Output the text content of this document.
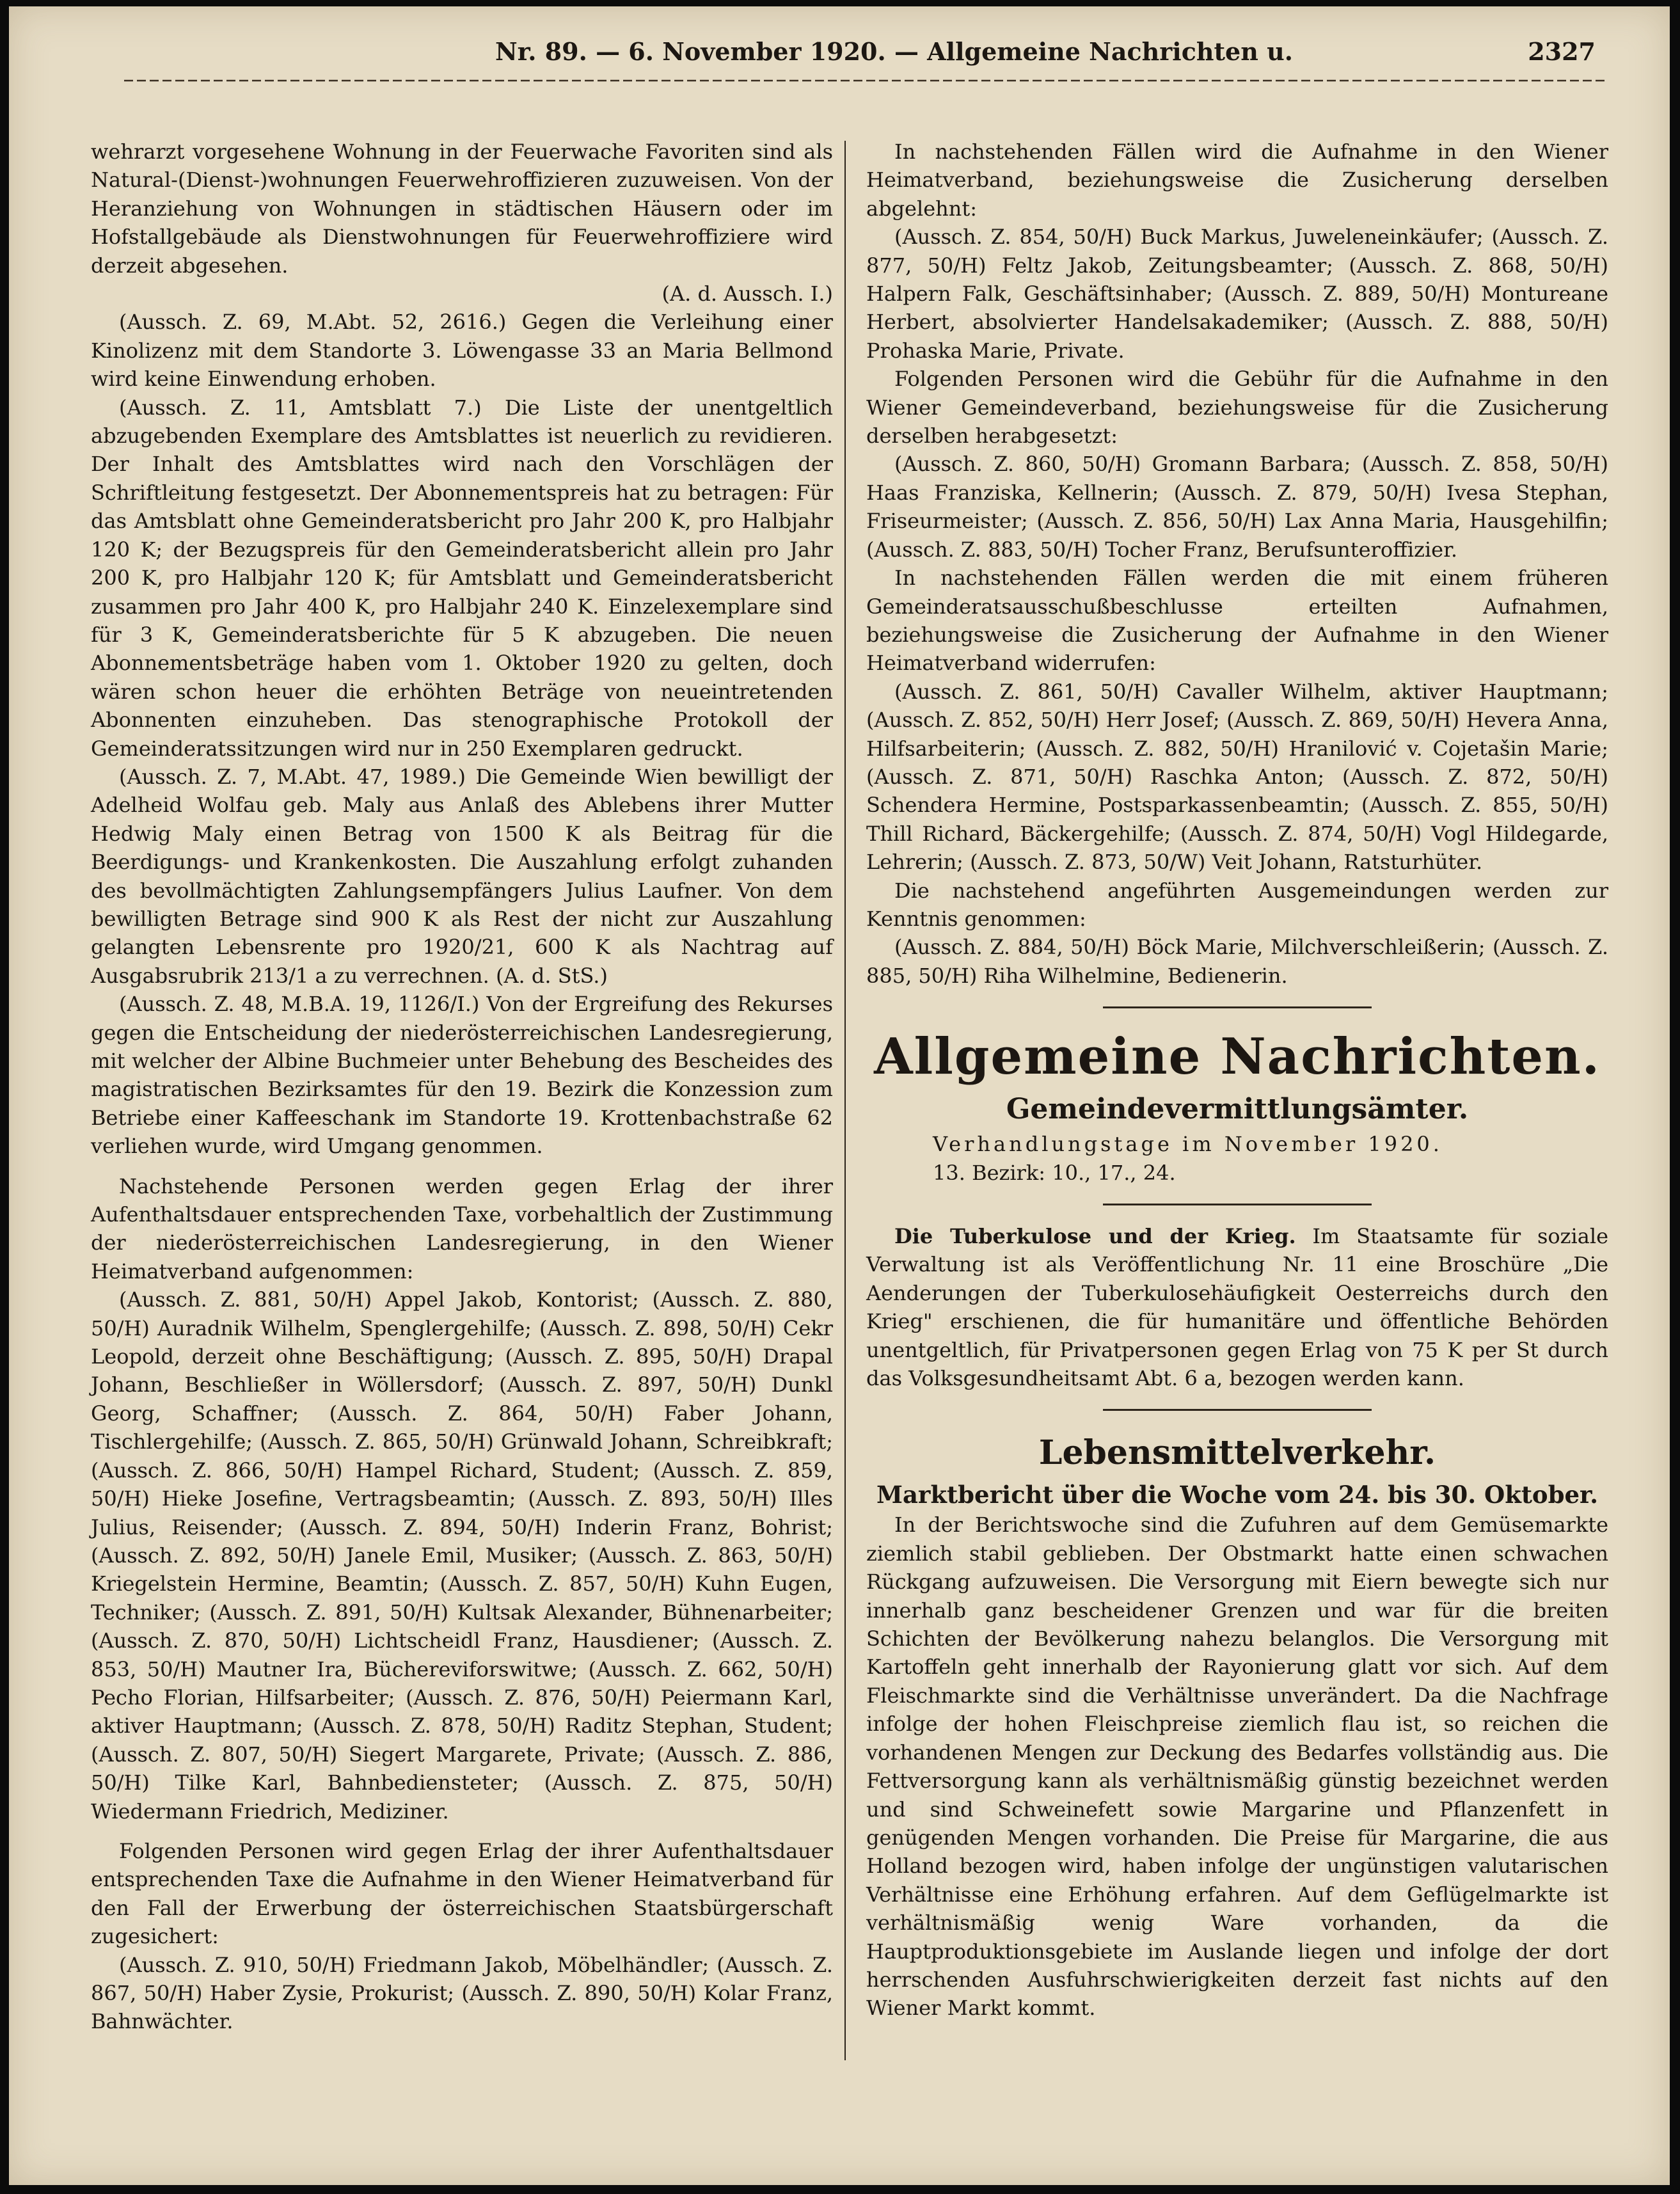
Nr. 89. — 6. November 1920. — Allgemeine Nachrichten u.	2327

wehrarzt vorgesehene Wohnung in der Feuerwache Favoriten sind als Natural-(Dienst-)wohnungen Feuerwehroffizieren zuzuweisen. Von der Heranziehung von Wohnungen in städtischen Häusern oder im Hofstallgebäude als Dienstwohnungen für Feuerwehroffiziere wird derzeit abgesehen.
(A. d. Aussch. I.)

(Aussch. Z. 69, M.Abt. 52, 2616.) Gegen die Verleihung einer Kinolizenz mit dem Standorte 3. Löwengasse 33 an Maria Bellmond wird keine Einwendung erhoben.

(Aussch. Z. 11, Amtsblatt 7.) Die Liste der unentgeltlich abzugebenden Exemplare des Amtsblattes ist neuerlich zu revidieren. Der Inhalt des Amtsblattes wird nach den Vorschlägen der Schriftleitung festgesetzt. Der Abonnementspreis hat zu betragen: Für das Amtsblatt ohne Gemeinderatsbericht pro Jahr 200 K, pro Halbjahr 120 K; der Bezugspreis für den Gemeinderatsbericht allein pro Jahr 200 K, pro Halbjahr 120 K; für Amtsblatt und Gemeinderatsbericht zusammen pro Jahr 400 K, pro Halbjahr 240 K. Einzelexemplare sind für 3 K, Gemeinderatsberichte für 5 K abzugeben. Die neuen Abonnementsbeträge haben vom 1. Oktober 1920 zu gelten, doch wären schon heuer die erhöhten Beträge von neueintretenden Abonnenten einzuheben. Das stenographische Protokoll der Gemeinderatssitzungen wird nur in 250 Exemplaren gedruckt.

(Aussch. Z. 7, M.Abt. 47, 1989.) Die Gemeinde Wien bewilligt der Adelheid Wolfau geb. Maly aus Anlaß des Ablebens ihrer Mutter Hedwig Maly einen Betrag von 1500 K als Beitrag für die Beerdigungs- und Krankenkosten. Die Auszahlung erfolgt zuhanden des bevollmächtigten Zahlungsempfängers Julius Laufner. Von dem bewilligten Betrage sind 900 K als Rest der nicht zur Auszahlung gelangten Lebensrente pro 1920/21, 600 K als Nachtrag auf Ausgabsrubrik 213/1 a zu verrechnen. (A. d. StS.)

(Aussch. Z. 48, M.B.A. 19, 1126/I.) Von der Ergreifung des Rekurses gegen die Entscheidung der niederösterreichischen Landesregierung, mit welcher der Albine Buchmeier unter Behebung des Bescheides des magistratischen Bezirksamtes für den 19. Bezirk die Konzession zum Betriebe einer Kaffeeschank im Standorte 19. Krottenbachstraße 62 verliehen wurde, wird Umgang genommen.

Nachstehende Personen werden gegen Erlag der ihrer Aufenthaltsdauer entsprechenden Taxe, vorbehaltlich der Zustimmung der niederösterreichischen Landesregierung, in den Wiener Heimatverband aufgenommen:

(Aussch. Z. 881, 50/H) Appel Jakob, Kontorist; (Aussch. Z. 880, 50/H) Auradnik Wilhelm, Spenglergehilfe; (Aussch. Z. 898, 50/H) Cekr Leopold, derzeit ohne Beschäftigung; (Aussch. Z. 895, 50/H) Drapal Johann, Beschließer in Wöllersdorf; (Aussch. Z. 897, 50/H) Dunkl Georg, Schaffner; (Aussch. Z. 864, 50/H) Faber Johann, Tischlergehilfe; (Aussch. Z. 865, 50/H) Grünwald Johann, Schreibkraft; (Aussch. Z. 866, 50/H) Hampel Richard, Student; (Aussch. Z. 859, 50/H) Hieke Josefine, Vertragsbeamtin; (Aussch. Z. 893, 50/H) Illes Julius, Reisender; (Aussch. Z. 894, 50/H) Inderin Franz, Bohrist; (Aussch. Z. 892, 50/H) Janele Emil, Musiker; (Aussch. Z. 863, 50/H) Kriegelstein Hermine, Beamtin; (Aussch. Z. 857, 50/H) Kuhn Eugen, Techniker; (Aussch. Z. 891, 50/H) Kultsak Alexander, Bühnenarbeiter; (Aussch. Z. 870, 50/H) Lichtscheidl Franz, Hausdiener; (Aussch. Z. 853, 50/H) Mautner Ira, Büchereviforswitwe; (Aussch. Z. 662, 50/H) Pecho Florian, Hilfsarbeiter; (Aussch. Z. 876, 50/H) Peiermann Karl, aktiver Hauptmann; (Aussch. Z. 878, 50/H) Raditz Stephan, Student; (Aussch. Z. 807, 50/H) Siegert Margarete, Private; (Aussch. Z. 886, 50/H) Tilke Karl, Bahnbediensteter; (Aussch. Z. 875, 50/H) Wiedermann Friedrich, Mediziner.

Folgenden Personen wird gegen Erlag der ihrer Aufenthaltsdauer entsprechenden Taxe die Aufnahme in den Wiener Heimatverband für den Fall der Erwerbung der österreichischen Staatsbürgerschaft zugesichert:

(Aussch. Z. 910, 50/H) Friedmann Jakob, Möbelhändler; (Aussch. Z. 867, 50/H) Haber Zysie, Prokurist; (Aussch. Z. 890, 50/H) Kolar Franz, Bahnwächter.

In nachstehenden Fällen wird die Aufnahme in den Wiener Heimatverband, beziehungsweise die Zusicherung derselben abgelehnt:

(Aussch. Z. 854, 50/H) Buck Markus, Juweleneinkäufer; (Aussch. Z. 877, 50/H) Feltz Jakob, Zeitungsbeamter; (Aussch. Z. 868, 50/H) Halpern Falk, Geschäftsinhaber; (Aussch. Z. 889, 50/H) Montureane Herbert, absolvierter Handelsakademiker; (Aussch. Z. 888, 50/H) Prohaska Marie, Private.

Folgenden Personen wird die Gebühr für die Aufnahme in den Wiener Gemeindeverband, beziehungsweise für die Zusicherung derselben herabgesetzt:

(Aussch. Z. 860, 50/H) Gromann Barbara; (Aussch. Z. 858, 50/H) Haas Franziska, Kellnerin; (Aussch. Z. 879, 50/H) Ivesa Stephan, Friseurmeister; (Aussch. Z. 856, 50/H) Lax Anna Maria, Hausgehilfin; (Aussch. Z. 883, 50/H) Tocher Franz, Berufsunteroffizier.

In nachstehenden Fällen werden die mit einem früheren Gemeinderatsausschußbeschlusse erteilten Aufnahmen, beziehungsweise die Zusicherung der Aufnahme in den Wiener Heimatverband widerrufen:

(Aussch. Z. 861, 50/H) Cavaller Wilhelm, aktiver Hauptmann; (Aussch. Z. 852, 50/H) Herr Josef; (Aussch. Z. 869, 50/H) Hevera Anna, Hilfsarbeiterin; (Aussch. Z. 882, 50/H) Hranilović v. Cojetašin Marie; (Aussch. Z. 871, 50/H) Raschka Anton; (Aussch. Z. 872, 50/H) Schendera Hermine, Postsparkassenbeamtin; (Aussch. Z. 855, 50/H) Thill Richard, Bäckergehilfe; (Aussch. Z. 874, 50/H) Vogl Hildegarde, Lehrerin; (Aussch. Z. 873, 50/W) Veit Johann, Ratsturhüter.

Die nachstehend angeführten Ausgemeindungen werden zur Kenntnis genommen:

(Aussch. Z. 884, 50/H) Böck Marie, Milchverschleißerin; (Aussch. Z. 885, 50/H) Riha Wilhelmine, Bedienerin.

Allgemeine Nachrichten.
Gemeindevermittlungsämter.

Verhandlungstage im November 1920.

13. Bezirk: 10., 17., 24.

Die Tuberkulose und der Krieg. Im Staatsamte für soziale Verwaltung ist als Veröffentlichung Nr. 11 eine Broschüre „Die Aenderungen der Tuberkulosehäufigkeit Oesterreichs durch den Krieg" erschienen, die für humanitäre und öffentliche Behörden unentgeltlich, für Privatpersonen gegen Erlag von 75 K per St durch das Volksgesundheitsamt Abt. 6 a, bezogen werden kann.

Lebensmittelverkehr.
Marktbericht über die Woche vom 24. bis 30. Oktober.

In der Berichtswoche sind die Zufuhren auf dem Gemüsemarkte ziemlich stabil geblieben. Der Obstmarkt hatte einen schwachen Rückgang aufzuweisen. Die Versorgung mit Eiern bewegte sich nur innerhalb ganz bescheidener Grenzen und war für die breiten Schichten der Bevölkerung nahezu belanglos. Die Versorgung mit Kartoffeln geht innerhalb der Rayonierung glatt vor sich. Auf dem Fleischmarkte sind die Verhältnisse unverändert. Da die Nachfrage infolge der hohen Fleischpreise ziemlich flau ist, so reichen die vorhandenen Mengen zur Deckung des Bedarfes vollständig aus. Die Fettversorgung kann als verhältnismäßig günstig bezeichnet werden und sind Schweinefett sowie Margarine und Pflanzenfett in genügenden Mengen vorhanden. Die Preise für Margarine, die aus Holland bezogen wird, haben infolge der ungünstigen valutarischen Verhältnisse eine Erhöhung erfahren. Auf dem Geflügelmarkte ist verhältnismäßig wenig Ware vorhanden, da die Hauptproduktionsgebiete im Auslande liegen und infolge der dort herrschenden Ausfuhrschwierigkeiten derzeit fast nichts auf den Wiener Markt kommt.
